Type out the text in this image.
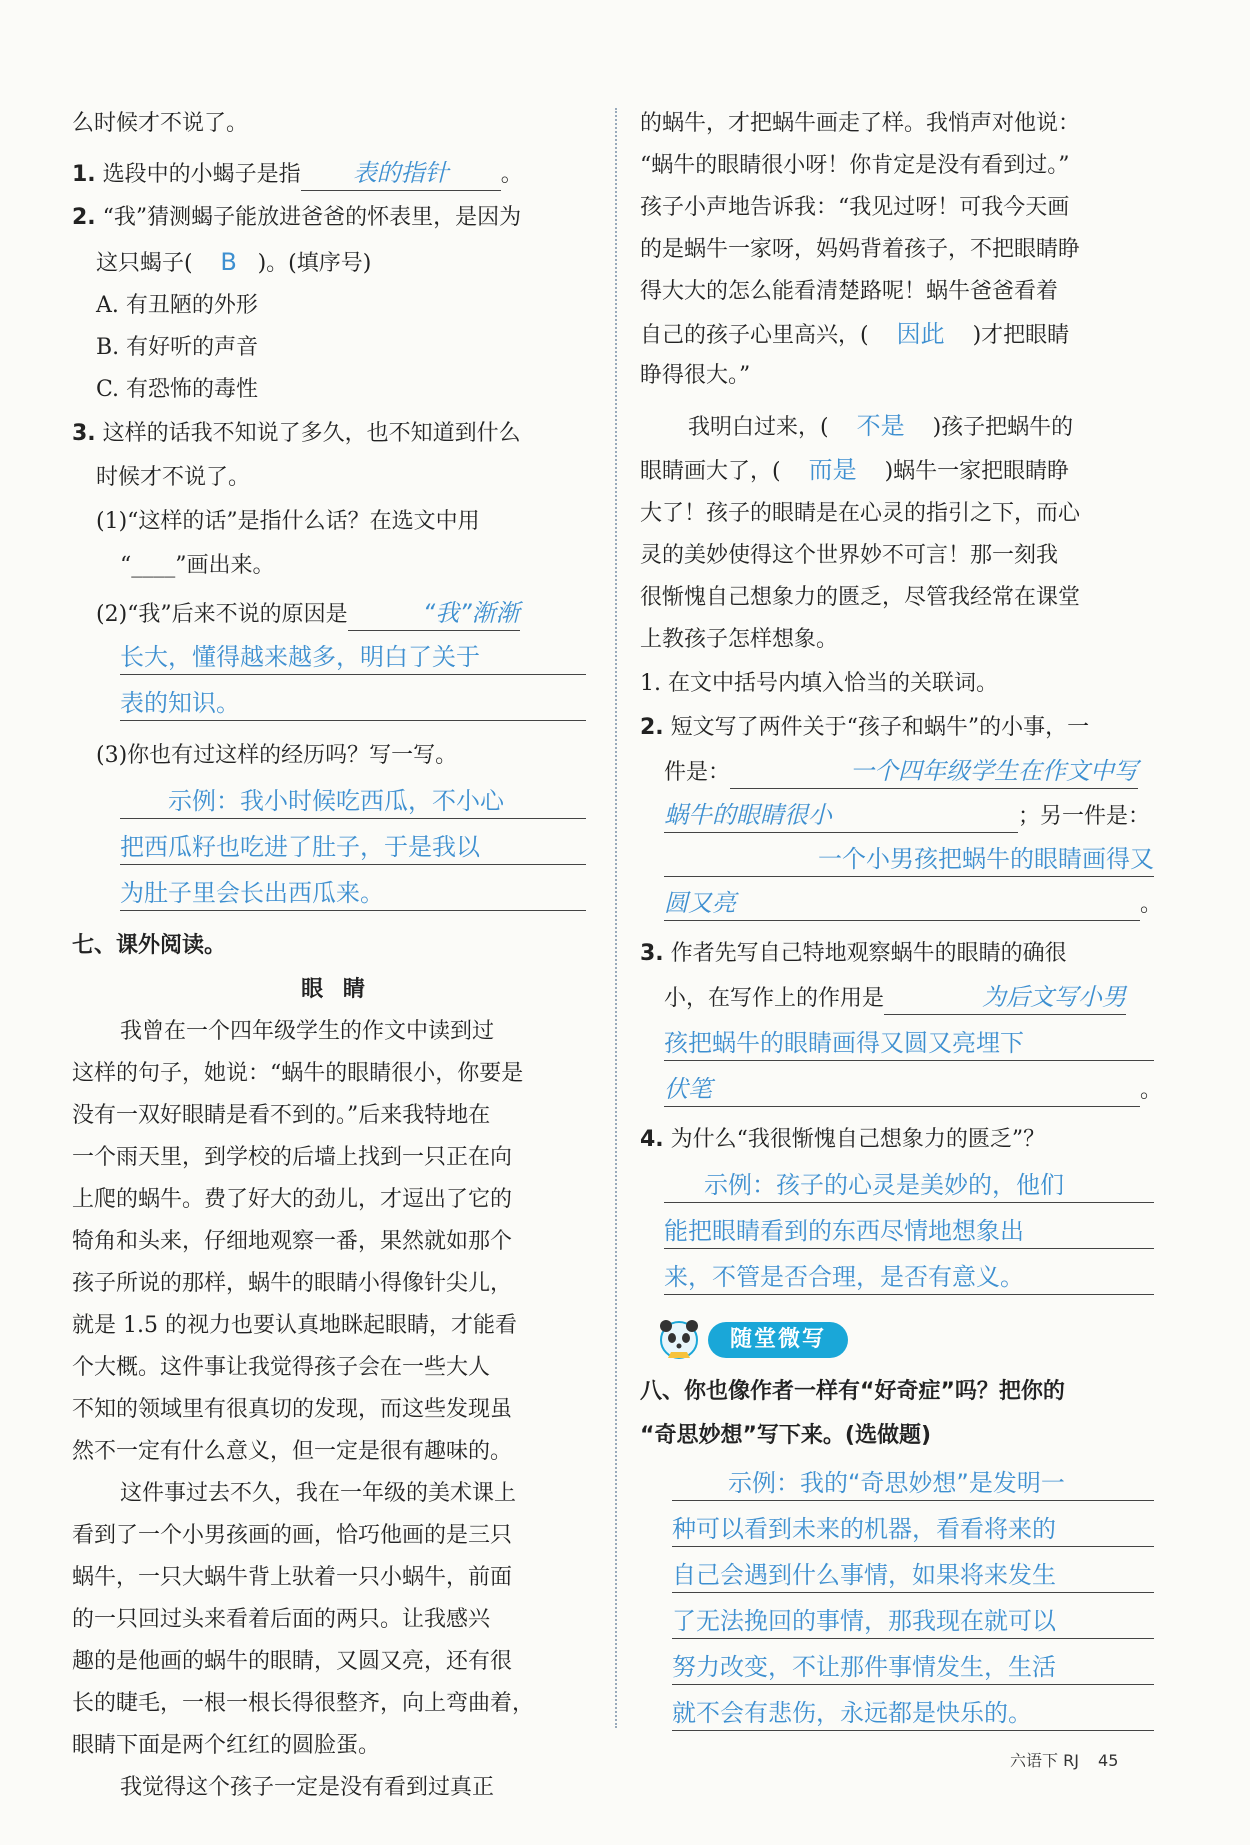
么时候才不说了。
1. 选段中的小蝎子是指 表的指针 。
2. “我”猜测蝎子能放进爸爸的怀表里，是因为
这只蝎子( B )。(填序号)
A. 有丑陋的外形
B. 有好听的声音
C. 有恐怖的毒性
3. 这样的话我不知说了多久，也不知道到什么
时候才不说了。
(1)“这样的话”是指什么话？在选文中用
“____”画出来。
(2)“我”后来不说的原因是	“我”渐渐
长大，懂得越来越多，明白了关于
表的知识。
(3)你也有过这样的经历吗？写一写。
示例：我小时候吃西瓜，不小心
把西瓜籽也吃进了肚子，于是我以
为肚子里会长出西瓜来。
七、课外阅读。
眼 睛
我曾在一个四年级学生的作文中读到过
这样的句子，她说：“蜗牛的眼睛很小，你要是
没有一双好眼睛是看不到的。”后来我特地在
一个雨天里，到学校的后墙上找到一只正在向
上爬的蜗牛。费了好大的劲儿，才逗出了它的
犄角和头来，仔细地观察一番，果然就如那个
孩子所说的那样，蜗牛的眼睛小得像针尖儿，
就是 1.5 的视力也要认真地眯起眼睛，才能看
个大概。这件事让我觉得孩子会在一些大人
不知的领域里有很真切的发现，而这些发现虽
然不一定有什么意义，但一定是很有趣味的。
这件事过去不久，我在一年级的美术课上
看到了一个小男孩画的画，恰巧他画的是三只
蜗牛，一只大蜗牛背上驮着一只小蜗牛，前面
的一只回过头来看着后面的两只。让我感兴
趣的是他画的蜗牛的眼睛，又圆又亮，还有很
长的睫毛，一根一根长得很整齐，向上弯曲着，
眼睛下面是两个红红的圆脸蛋。
我觉得这个孩子一定是没有看到过真正
的蜗牛，才把蜗牛画走了样。我悄声对他说：
“蜗牛的眼睛很小呀！你肯定是没有看到过。”
孩子小声地告诉我：“我见过呀！可我今天画
的是蜗牛一家呀，妈妈背着孩子，不把眼睛睁
得大大的怎么能看清楚路呢！蜗牛爸爸看着
自己的孩子心里高兴，( 因此 )才把眼睛
睁得很大。”
我明白过来，( 不是 )孩子把蜗牛的
眼睛画大了，( 而是 )蜗牛一家把眼睛睁
大了！孩子的眼睛是在心灵的指引之下，而心
灵的美妙使得这个世界妙不可言！那一刻我
很惭愧自己想象力的匮乏，尽管我经常在课堂
上教孩子怎样想象。
1. 在文中括号内填入恰当的关联词。
2. 短文写了两件关于“孩子和蜗牛”的小事，一
件是：	一个四年级学生在作文中写
蜗牛的眼睛很小	；另一件是：
一个小男孩把蜗牛的眼睛画得又
圆又亮	。
3. 作者先写自己特地观察蜗牛的眼睛的确很
小，在写作上的作用是	为后文写小男
孩把蜗牛的眼睛画得又圆又亮埋下
伏笔	。
4. 为什么“我很惭愧自己想象力的匮乏”？
示例：孩子的心灵是美妙的，他们
能把眼睛看到的东西尽情地想象出
来，不管是否合理，是否有意义。
随堂微写
八、你也像作者一样有“好奇症”吗？把你的
“奇思妙想”写下来。(选做题)
示例：我的“奇思妙想”是发明一
种可以看到未来的机器，看看将来的
自己会遇到什么事情，如果将来发生
了无法挽回的事情，那我现在就可以
努力改变，不让那件事情发生，生活
就不会有悲伤，永远都是快乐的。
六语下 RJ 45
